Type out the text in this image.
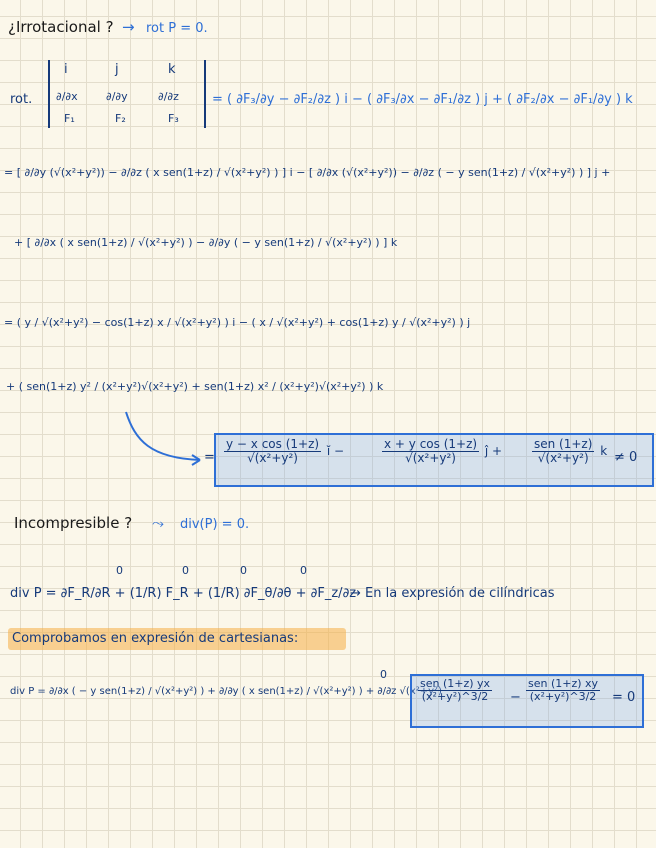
¿Irrotacional ? → rot P = 0.
rot.
i	j	k
∂/∂x	∂/∂y	∂/∂z
F₁	F₂	F₃
= ( ∂F₃/∂y − ∂F₂/∂z ) i − ( ∂F₃/∂x − ∂F₁/∂z ) j + ( ∂F₂/∂x − ∂F₁/∂y ) k
= [ ∂/∂y (√(x²+y²)) − ∂/∂z ( x sen(1+z) / √(x²+y²) ) ] i − [ ∂/∂x (√(x²+y²)) − ∂/∂z ( − y sen(1+z) / √(x²+y²) ) ] j +
+ [ ∂/∂x ( x sen(1+z) / √(x²+y²) ) − ∂/∂y ( − y sen(1+z) / √(x²+y²) ) ] k
= ( y / √(x²+y²) − cos(1+z) x / √(x²+y²) ) i − ( x / √(x²+y²) + cos(1+z) y / √(x²+y²) ) j
+ ( sen(1+z) y² / (x²+y²)√(x²+y²) + sen(1+z) x² / (x²+y²)√(x²+y²) ) k
= $\frac{\text{y − x cos (1+z)}}{\text{√(x²+y²)}}$ ĭ −	$\frac{\text{x + y cos (1+z)}}{\text{√(x²+y²)}}$ ĵ + $\frac{\text{sen (1+z)}}{\text{√(x²+y²)}}$ k ≠ 0
Incompresible ? ⤳ div(P) = 0.
div P = ∂F_R/∂R + (1/R) F_R + (1/R) ∂F_θ/∂θ + ∂F_z/∂z
0	0	0	0
→ En la expresión de cilíndricas
Comprobamos en expresión de cartesianas:
div P = ∂/∂x ( − y sen(1+z) / √(x²+y²) ) + ∂/∂y ( x sen(1+z) / √(x²+y²) ) + ∂/∂z √(x²+y²)
0
$\frac{\text{sen (1+z) yx}}{\text{(x²+y²)\textasciicircum{}3/2}} - \frac{\text{sen (1+z) xy}}{\text{(x²+y²)\textasciicircum{}3/2}} = 0$
